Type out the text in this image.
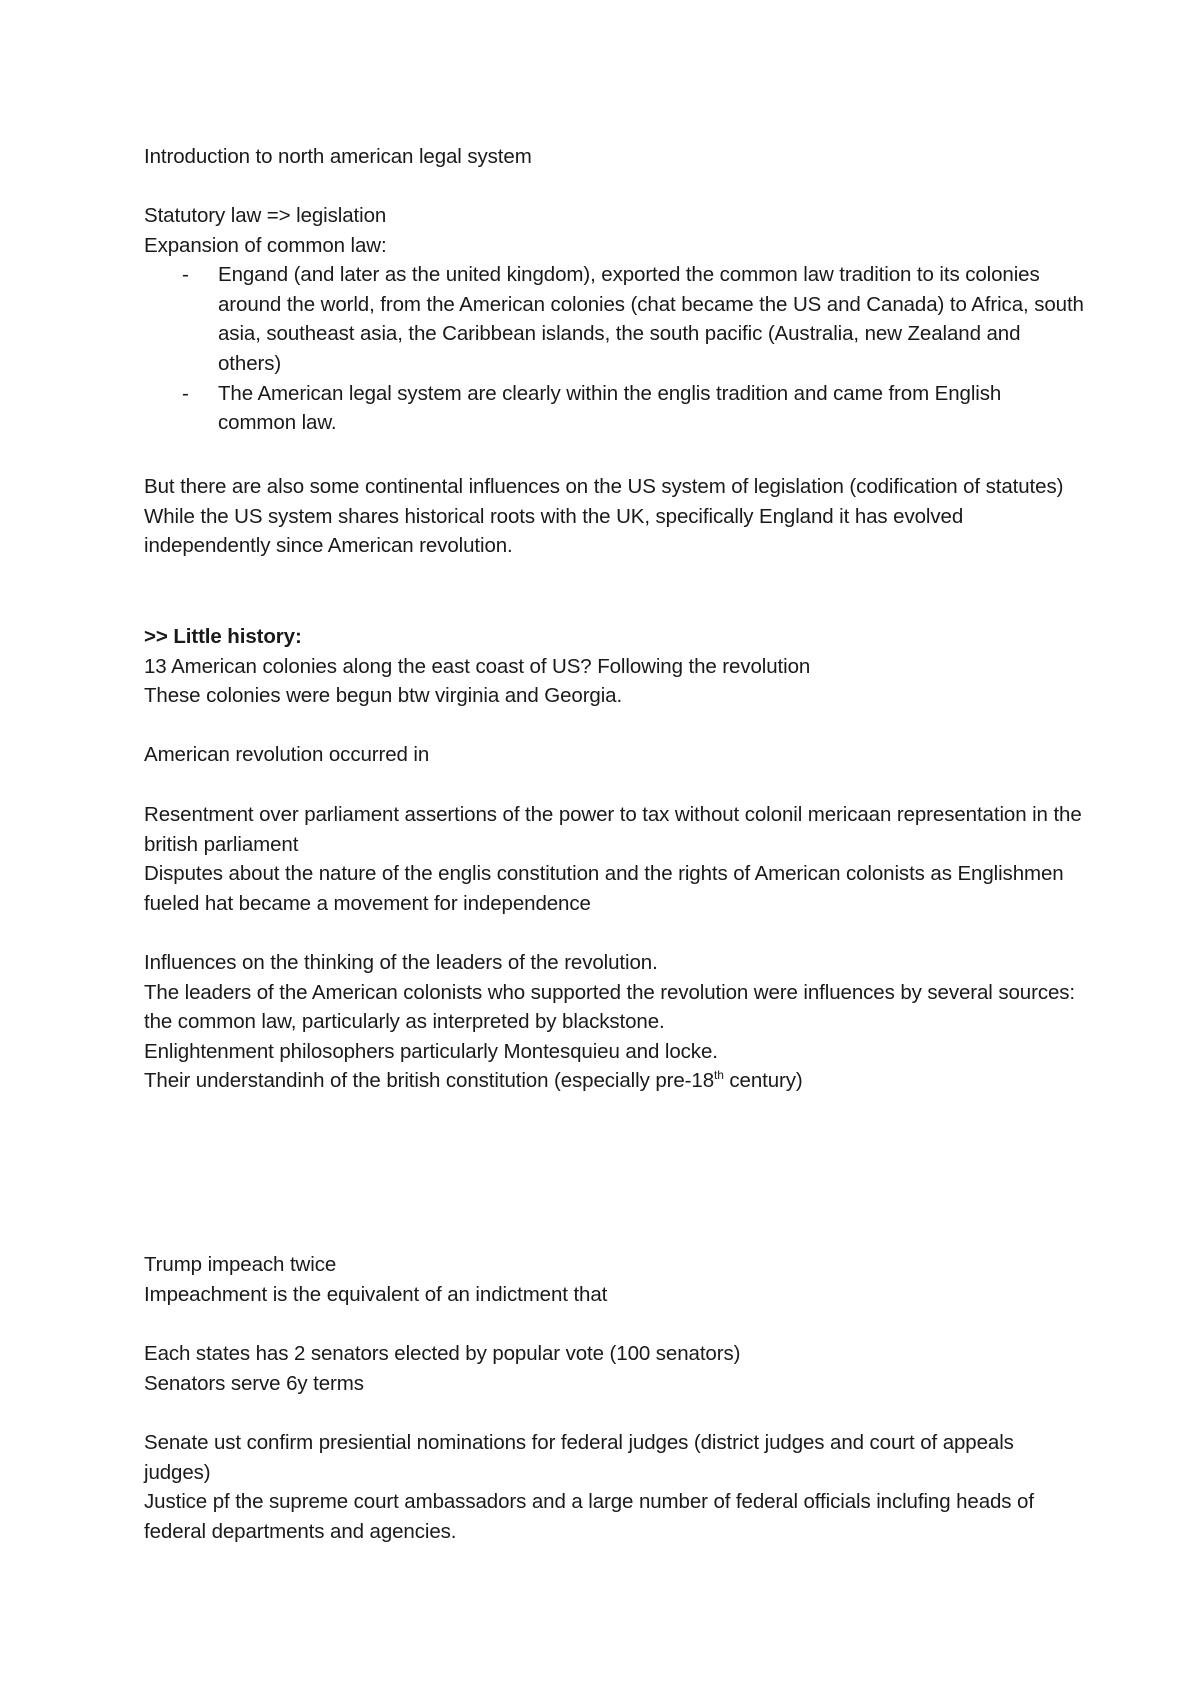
Introduction to north american legal system

Statutory law => legislation

Expansion of common law:

- Engand (and later as the united kingdom), exported the common law tradition to its colonies around the world, from the American colonies (chat became the US and Canada) to Africa, south asia, southeast asia, the Caribbean islands, the south pacific (Australia, new Zealand and others)
- The American legal system are clearly within the englis tradition and came from English common law.

But there are also some continental influences on the US system of legislation (codification of statutes)

While the US system shares historical roots with the UK, specifically England it has evolved independently since American revolution.

>> Little history:

13 American colonies along the east coast of US? Following the revolution

These colonies were begun btw virginia and Georgia.

American revolution occurred in

Resentment over parliament assertions of the power to tax without colonil mericaan representation in the british parliament

Disputes about the nature of the englis constitution and the rights of American colonists as Englishmen fueled hat became a movement for independence

Influences on the thinking of the leaders of the revolution.

The leaders of the American colonists who supported the revolution were influences by several sources: the common law, particularly as interpreted by blackstone.

Enlightenment philosophers particularly Montesquieu and locke.

Their understandinh of the british constitution (especially pre-18th century)

Trump impeach twice

Impeachment is the equivalent of an indictment that

Each states has 2 senators elected by popular vote (100 senators)

Senators serve 6y terms

Senate ust confirm presiential nominations for federal judges (district judges and court of appeals judges)

Justice pf the supreme court ambassadors and a large number of federal officials inclufing heads of federal departments and agencies.
